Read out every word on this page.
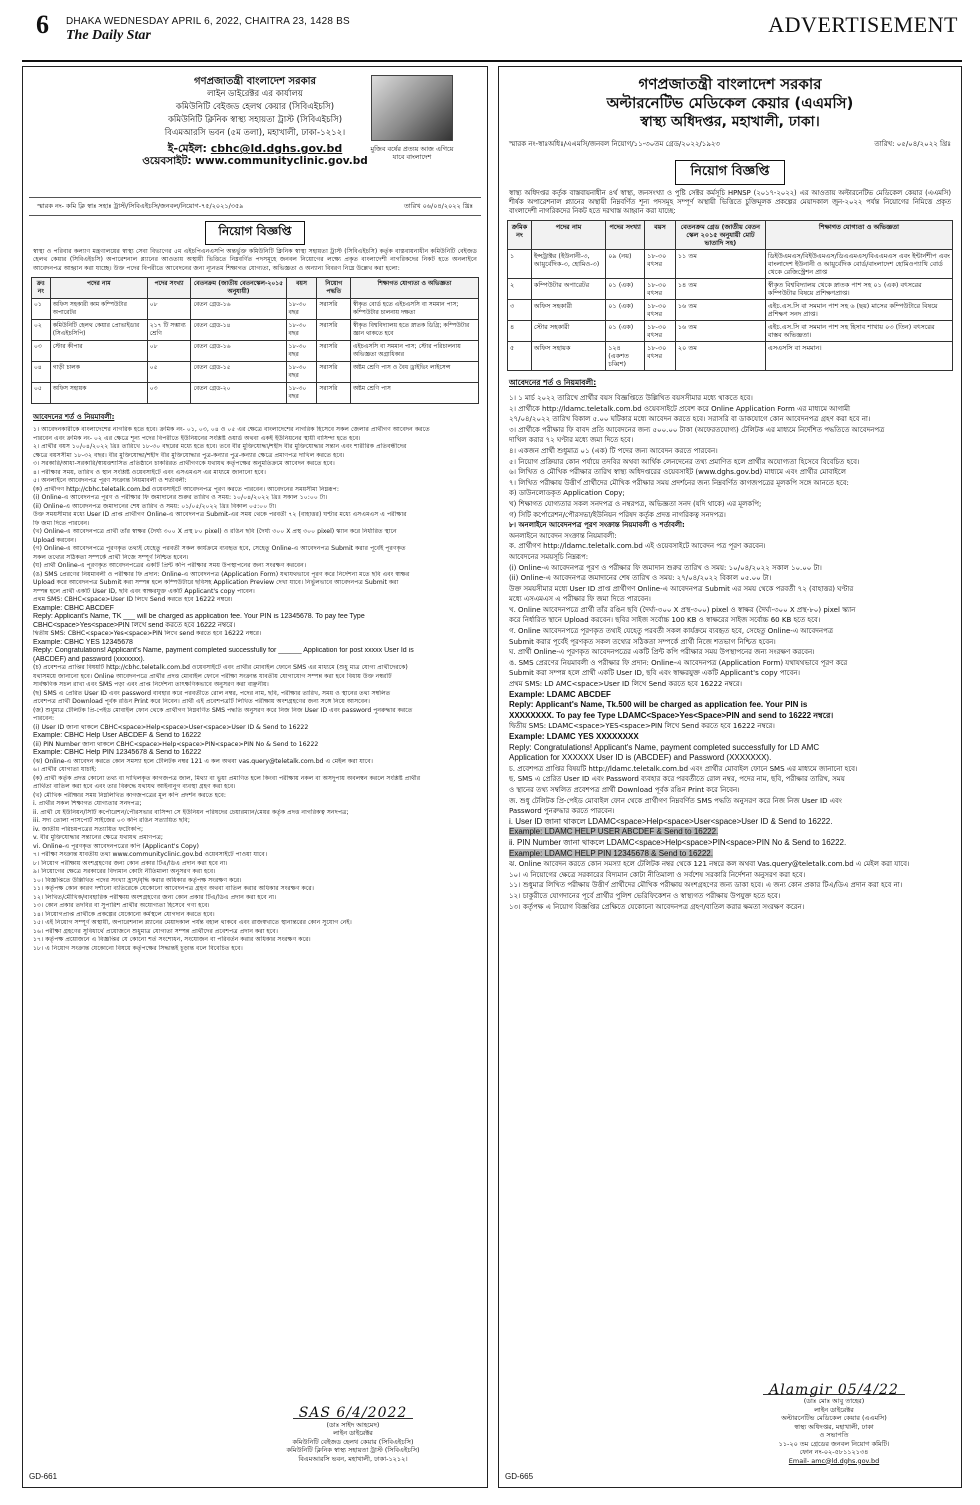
6 DHAKA WEDNESDAY APRIL 6, 2022, CHAITRA 23, 1428 BS
The Daily Star	ADVERTISEMENT
গণপ্রজাতন্ত্রী বাংলাদেশ সরকার
লাইন ডাইরেক্টর এর কার্যালয়
কমিউনিটি বেইজড হেলথ কেয়ার (সিবিএইচসি)
কমিউনিটি ক্লিনিক স্বাস্থ্য সহায়তা ট্রাস্ট (সিবিএইচসি)
বিএমআরসি ভবন (৫ম তলা), মহাখালী, ঢাকা-১২১২।
ই-মেইল: cbhc@ld.dghs.gov.bd
ওয়েবসাইট: www.communityclinic.gov.bd
মুজিব বর্ষের প্রত্যয় আজ এগিয়ে যাবে বাংলাদেশ
স্মারক নং- কমি ক্লি স্বাঃ সহাঃ ট্রাস্ট/সিবিএইচসি/জনবল/নিয়োগ-৭৫/২০২১/৩৫৯	তারিখ ০৬/০৪/২০২২ খ্রিঃ
নিয়োগ বিজ্ঞপ্তি
স্বাস্থ্য ও পরিবার কল্যাণ মন্ত্রণালয়ের স্বাস্থ্য সেবা বিভাগের ৫ম এইচপিএনএসপি অন্তর্ভুক্ত কমিউনিটি ক্লিনিক স্বাস্থ্য সহায়তা ট্রাস্ট (সিবিএইচসি) কর্তৃক বাস্তবায়নাধীন কমিউনিটি বেইজড হেলথ কেয়ার (সিবিএইচসি) অপারেশনাল প্ল্যানের আওতায় অস্থায়ী ভিত্তিতে নিম্নবর্ণিত পদসমূহে জনবল নিয়োগের লক্ষ্যে প্রকৃত বাংলাদেশী নাগরিকদের নিকট হতে অনলাইনে আবেদনপত্র আহ্বান করা যাচ্ছে। উক্ত পদের বিপরীতে আবেদনের জন্য ন্যূনতম শিক্ষাগত যোগ্যতা, অভিজ্ঞতা ও অন্যান্য বিবরণ নিম্নে উল্লেখ করা হলো:
ক্রঃ নং	পদের নাম	পদের সংখ্যা	বেতনক্রম (জাতীয় বেতনস্কেল-২০১৫ অনুযায়ী)	বয়স	নিয়োগ পদ্ধতি	শিক্ষাগত যোগ্যতা ও অভিজ্ঞতা
০১	অফিস সহকারী কাম কম্পিউটার অপারেটর	০৮	বেতন গ্রেড-১৬	১৮-৩০ বছর	সরাসরি	স্বীকৃত বোর্ড হতে এইচএসসি বা সমমান পাস; কম্পিউটার চালনায় দক্ষতা
০২	কমিউনিটি হেলথ কেয়ার প্রোভাইডার (সিএইচসিপি)	২১৭ টি সম্ভাব্য শ্রেণি	বেতন গ্রেড-১৪	১৮-৩০ বছর	সরাসরি	স্বীকৃত বিশ্ববিদ্যালয় হতে স্নাতক ডিগ্রি; কম্পিউটার জ্ঞান থাকতে হবে
০৩	স্টোর কীপার	০৮	বেতন গ্রেড-১৬	১৮-৩০ বছর	সরাসরি	এইচএসসি বা সমমান পাস; স্টোর পরিচালনায় অভিজ্ঞতা অগ্রাধিকার
০৪	গাড়ী চালক	০৫	বেতন গ্রেড-১৫	১৮-৩০ বছর	সরাসরি	অষ্টম শ্রেণি পাস ও বৈধ ড্রাইভিং লাইসেন্স
০৫	অফিস সহায়ক	০৩	বেতন গ্রেড-২০	১৮-৩০ বছর	সরাসরি	অষ্টম শ্রেণি পাস
আবেদনের শর্ত ও নিয়মাবলী:
১। আবেদনকারীকে বাংলাদেশের নাগরিক হতে হবে। ক্রমিক নং- ০১, ০৩, ০৪ ও ০৫ এর ক্ষেত্রে বাংলাদেশের নাগরিক হিসেবে সকল জেলার প্রার্থীগণ আবেদন করতে
পারবেন এবং ক্রমিক নং- ০২ এর ক্ষেত্রে শূন্য পদের বিপরীতে ইউনিয়নের সংশ্লিষ্ট ওয়ার্ড অথবা একই ইউনিয়নের স্থায়ী বাসিন্দা হতে হবে।
২। প্রার্থীর বয়স ১০/০৪/২০২২ খ্রিঃ তারিখে ১৮-৩০ বছরের মধ্যে হতে হবে। তবে বীর মুক্তিযোদ্ধা/শহীদ বীর মুক্তিযোদ্ধার সন্তান এবং শারীরিক প্রতিবন্ধীদের
ক্ষেত্রে বয়সসীমা ১৮-৩২ বছর। বীর মুক্তিযোদ্ধা/শহীদ বীর মুক্তিযোদ্ধার পুত্র-কন্যার পুত্র-কন্যার ক্ষেত্রে প্রমাণপত্র দাখিল করতে হবে।
৩। সরকারি/আধা-সরকারি/স্বায়ত্তশাসিত প্রতিষ্ঠানে চাকরিরত প্রার্থীগণকে যথাযথ কর্তৃপক্ষের অনুমতিক্রমে আবেদন করতে হবে।
৪। পরীক্ষার সময়, তারিখ ও স্থান সংশ্লিষ্ট ওয়েবসাইটে এবং এসএমএস এর মাধ্যমে জানানো হবে।
৫। অনলাইনে আবেদনপত্র পূরণ সংক্রান্ত নিয়মাবলী ও শর্তাবলী:
(ক) প্রার্থীগণ http://cbhc.teletalk.com.bd ওয়েবসাইটে আবেদনপত্র পূরণ করতে পারবেন। আবেদনের সময়সীমা নিম্নরূপ:
(i) Online-এ আবেদনপত্র পূরণ ও পরীক্ষার ফি জমাদানের শুরুর তারিখ ও সময়: ১০/০৪/২০২২ খ্রিঃ সকাল ১০:০০ টা।
(ii) Online-এ আবেদনপত্র জমাদানের শেষ তারিখ ও সময়: ০১/০৫/২০২২ খ্রিঃ বিকাল ০৫:০০ টা।
উক্ত সময়সীমার মধ্যে User ID প্রাপ্ত প্রার্থীগণ Online-এ আবেদনপত্র Submit-এর সময় থেকে পরবর্তী ৭২ (বাহাত্তর) ঘণ্টার মধ্যে এসএমএস এ পরীক্ষার
ফি জমা দিতে পারবেন।
(খ) Online-এ আবেদনপত্রে প্রার্থী তাঁর স্বাক্ষর (দৈর্ঘ্য ৩০০ X প্রস্থ ৮০ pixel) ও রঙিন ছবি (দৈর্ঘ্য ৩০০ X প্রস্থ ৩০০ pixel) স্ক্যান করে নির্ধারিত স্থানে
Upload করবেন।
(গ) Online-এ আবেদনপত্রে পূরণকৃত তথ্যই যেহেতু পরবর্তী সকল কার্যক্রমে ব্যবহৃত হবে, সেহেতু Online-এ আবেদনপত্র Submit করার পূর্বেই পূরণকৃত
সকল তথ্যের সঠিকতা সম্পর্কে প্রার্থী নিজে সম্পূর্ণ নিশ্চিত হবেন।
(ঘ) প্রার্থী Online-এ পূরণকৃত আবেদনপত্রের একটি প্রিন্ট কপি পরীক্ষার সময় উপস্থাপনের জন্য সংরক্ষণ করবেন।
(ঙ) SMS প্রেরণের নিয়মাবলী ও পরীক্ষার ফি প্রদান: Online-এ আবেদনপত্র (Application Form) যথাযথভাবে পূরণ করে নির্দেশনা মতে ছবি এবং স্বাক্ষর
Upload করে আবেদনপত্র Submit করা সম্পন্ন হলে কম্পিউটারে ছবিসহ Application Preview দেখা যাবে। নির্ভুলভাবে আবেদনপত্র Submit করা
সম্পন্ন হলে প্রার্থী একটি User ID, ছবি এবং স্বাক্ষরযুক্ত একটি Applicant's copy পাবেন।
প্রথম SMS: CBHC<space>User ID লিখে Send করতে হবে 16222 নম্বরে।
Example: CBHC ABCDEF
Reply: Applicant's Name, TK ___ will be charged as application fee. Your PIN is 12345678. To pay fee Type
CBHC<space>Yes<space>PIN লিখে send করতে হবে 16222 নম্বরে।
দ্বিতীয় SMS: CBHC<space>Yes<space>PIN লিখে send করতে হবে 16222 নম্বরে।
Example: CBHC YES 12345678
Reply: Congratulations! Applicant's Name, payment completed successfully for ______ Application for post xxxxx User Id is
(ABCDEF) and password (xxxxxxx).
(চ) প্রবেশপত্র প্রাপ্তির বিষয়টি http://cbhc.teletalk.com.bd ওয়েবসাইটে এবং প্রার্থীর মোবাইল ফোনে SMS এর মাধ্যমে (শুধু মাত্র যোগ্য প্রার্থীদেরকে)
যথাসময়ে জানানো হবে। Online আবেদনপত্রে প্রার্থীর প্রদত্ত মোবাইল ফোনে পরীক্ষা সংক্রান্ত যাবতীয় যোগাযোগ সম্পন্ন করা হবে বিধায় উক্ত নম্বরটি
সার্বক্ষণিক সচল রাখা এবং SMS পড়া এবং প্রাপ্ত নির্দেশনা তাৎক্ষণিকভাবে অনুসরণ করা বাঞ্ছনীয়।
(ছ) SMS এ প্রেরিত User ID এবং password ব্যবহার করে পরবর্তীতে রোল নম্বর, পদের নাম, ছবি, পরীক্ষার তারিখ, সময় ও স্থানের তথ্য সম্বলিত
প্রবেশপত্র প্রার্থী Download পূর্বক রঙিন Print করে নিবেন। প্রার্থী এই প্রবেশপত্রটি লিখিত পরীক্ষায় অংশগ্রহণের জন্য সঙ্গে নিয়ে আসবেন।
(জ) শুধুমাত্র টেলিটক প্রি-পেইড মোবাইল ফোন থেকে প্রার্থীগণ নিম্নবর্ণিত SMS পদ্ধতি অনুসরণ করে নিজ নিজ User ID এবং password পুনরুদ্ধার করতে
পারবেন:
(i) User ID জানা থাকলে CBHC<space>Help<space>User<space>User ID & Send to 16222
Example: CBHC Help User ABCDEF & Send to 16222
(ii) PIN Number জানা থাকলে CBHC<space>Help<space>PIN<space>PIN No & Send to 16222
Example: CBHC Help PIN 12345678 & Send to 16222
(ঝ) Online-এ আবেদন করতে কোন সমস্যা হলে টেলিটক নম্বর 121 এ কল অথবা vas.query@teletalk.com.bd এ মেইল করা যাবে।
৬। প্রার্থীর যোগ্যতা যাচাই:
(ক) প্রার্থী কর্তৃক প্রদত্ত কোনো তথ্য বা দাখিলকৃত কাগজপত্র জাল, মিথ্যা বা ভুয়া প্রমাণিত হলে কিংবা পরীক্ষায় নকল বা অসদুপায় অবলম্বন করলে সংশ্লিষ্ট প্রার্থীর
প্রার্থিতা বাতিল করা হবে এবং তার বিরুদ্ধে যথাযথ আইনানুগ ব্যবস্থা গ্রহণ করা হবে।
(খ) মৌখিক পরীক্ষার সময় নিম্নলিখিত কাগজপত্রের মূল কপি প্রদর্শন করতে হবে:
i. প্রার্থীর সকল শিক্ষাগত যোগ্যতার সনদপত্র;
ii. প্রার্থী যে ইউনিয়ন/সিটি কর্পোরেশন/পৌরসভার বাসিন্দা সে ইউনিয়ন পরিষদের চেয়ারম্যান/মেয়র কর্তৃক প্রদত্ত নাগরিকত্ব সনদপত্র;
iii. সদ্য তোলা পাসপোর্ট সাইজের ০৩ কপি রঙিন সত্যায়িত ছবি;
iv. জাতীয় পরিচয়পত্রের সত্যায়িত ফটোকপি;
v. বীর মুক্তিযোদ্ধার সন্তানের ক্ষেত্রে যথাযথ প্রমাণপত্র;
vi. Online-এ পূরণকৃত আবেদনপত্রের কপি (Applicant's Copy)
৭। পরীক্ষা সংক্রান্ত যাবতীয় তথ্য www.communityclinic.gov.bd ওয়েবসাইটে পাওয়া যাবে।
৮। নিয়োগ পরীক্ষায় অংশগ্রহণের জন্য কোন প্রকার টিএ/ডিএ প্রদান করা হবে না।
৯। নিয়োগের ক্ষেত্রে সরকারের বিদ্যমান কোটা নীতিমালা অনুসরণ করা হবে।
১০। বিজ্ঞপ্তিতে উল্লিখিত পদের সংখ্যা হ্রাস/বৃদ্ধি করার অধিকার কর্তৃপক্ষ সংরক্ষণ করে।
১১। কর্তৃপক্ষ কোন কারণ দর্শানো ব্যতিরেকে যেকোনো আবেদনপত্র গ্রহণ অথবা বাতিল করার অধিকার সংরক্ষণ করে।
১২। লিখিত/মৌখিক/ব্যবহারিক পরীক্ষায় অংশগ্রহণের জন্য কোন প্রকার টিএ/ডিএ প্রদান করা হবে না।
১৩। কোন প্রকার তদবির বা সুপারিশ প্রার্থীর অযোগ্যতা হিসেবে গণ্য হবে।
১৪। নিয়োগপ্রাপ্ত প্রার্থীকে প্রকল্পের যেকোনো কর্মস্থলে যোগদান করতে হবে।
১৫। এই নিয়োগ সম্পূর্ণ অস্থায়ী, অপারেশনাল প্ল্যানের মেয়াদকাল পর্যন্ত বহাল থাকবে এবং রাজস্বখাতে স্থানান্তরের কোন সুযোগ নেই।
১৬। পরীক্ষা গ্রহণের সুবিধার্থে প্রয়োজনে শুধুমাত্র যোগ্যতা সম্পন্ন প্রার্থীদের প্রবেশপত্র প্রদান করা হবে।
১৭। কর্তৃপক্ষ প্রয়োজনে এ বিজ্ঞপ্তির যে কোনো শর্ত সংশোধন, সংযোজন বা পরিবর্তন করার অধিকার সংরক্ষণ করে।
১৮। এ নিয়োগ সংক্রান্ত যেকোনো বিষয়ে কর্তৃপক্ষের সিদ্ধান্তই চূড়ান্ত বলে বিবেচিত হবে।
SAS 6/4/2022
(ডাঃ সাইদ আহমেদ)
লাইন ডাইরেক্টর
কমিউনিটি বেইজড হেলথ কেয়ার (সিবিএইচসি)
কমিউনিটি ক্লিনিক স্বাস্থ্য সহায়তা ট্রাস্ট (সিবিএইচসি)
বিএমআরসি ভবন, মহাখালী, ঢাকা-১২১২।
GD-661
গণপ্রজাতন্ত্রী বাংলাদেশ সরকার
অল্টারনেটিভ মেডিকেল কেয়ার (এএমসি)
স্বাস্থ্য অধিদপ্তর, মহাখালী, ঢাকা।
স্মারক নং-স্বাঃঅধিঃ/এএমসি/জনবল নিয়োগ/১১-৩০তম গ্রেড/২০২২/১৯২৩	তারিখ: ০৫/০৪/২০২২ খ্রিঃ
নিয়োগ বিজ্ঞপ্তি
স্বাস্থ্য অধিদপ্তর কর্তৃক বাস্তবায়নাধীন ৪র্থ স্বাস্থ্য, জনসংখ্যা ও পুষ্টি সেক্টর কর্মসূচি HPNSP (২০১৭-২০২২) এর আওতায় অল্টারনেটিভ মেডিকেল কেয়ার (এএমসি) শীর্ষক অপারেশনাল প্ল্যানের অস্থায়ী নিম্নবর্ণিত শূন্য পদসমূহ সম্পূর্ণ অস্থায়ী ভিত্তিতে চুক্তিমূলক প্রকল্পের মেয়াদকাল জুন-২০২২ পর্যন্ত নিয়োগের নিমিত্তে প্রকৃত বাংলাদেশী নাগরিকদের নিকট হতে দরখাস্ত আহ্বান করা যাচ্ছে:
ক্রমিক নং	পদের নাম	পদের সংখ্যা	বয়স	বেতনক্রম গ্রেড (জাতীয় বেতন স্কেল ২০১৫ অনুযায়ী মোট ভাতাদি সহ)	শিক্ষাগত যোগ্যতা ও অভিজ্ঞতা
১	ইন্সট্রাক্টর (ইউনানী-৩, আয়ুর্বেদিক-৩, হোমিও-৩)	০৯ (নয়)	১৮-৩০ বৎসর	১১ তম	ডিইউএমএস/বিইউএমএস/ডিএএমএস/বিএএমএস এবং ইন্টার্নশীপ এবং বাংলাদেশ ইউনানী ও আয়ুর্বেদিক বোর্ড/বাংলাদেশ হোমিওপ্যাথি বোর্ড থেকে রেজিস্ট্রেশন প্রাপ্ত
২	কম্পিউটার অপারেটর	০১ (এক)	১৮-৩০ বৎসর	১৪ তম	স্বীকৃত বিশ্ববিদ্যালয় থেকে স্নাতক পাশ সহ ০১ (এক) বৎসরের কম্পিউটার বিষয়ে প্রশিক্ষণপ্রাপ্ত।
৩	অফিস সহকারী	০১ (এক)	১৮-৩০ বৎসর	১৬ তম	এইচ.এস.সি বা সমমান পাশ সহ ৬ (ছয়) মাসের কম্পিউটারে বিষয়ে প্রশিক্ষণ সনদ প্রাপ্ত।
৪	স্টোর সহকারী	০১ (এক)	১৮-৩০ বৎসর	১৬ তম	এইচ.এস.সি বা সমমান পাশ সহ হিসাব শাখায় ০৩ (তিন) বৎসরের বাস্তব অভিজ্ঞতা।
৫	অফিস সহায়ক	১২৪ (একশত চব্বিশ)	১৮-৩০ বৎসর	২০ তম	এসএসসি বা সমমান।
আবেদনের শর্ত ও নিয়মাবলী:
১। ১ মার্চ ২০২২ তারিখে প্রার্থীর বয়স বিজ্ঞপ্তিতে উল্লিখিত বয়সসীমার মধ্যে থাকতে হবে।
২। প্রার্থীকে http://ldamc.teletalk.com.bd ওয়েবসাইটে প্রবেশ করে Online Application Form এর মাধ্যমে আগামী
২৭/০৪/২০২২ তারিখ বিকাল ৫.০০ ঘটিকার মধ্যে আবেদন করতে হবে। সরাসরি বা ডাকযোগে কোন আবেদনপত্র গ্রহণ করা হবে না।
৩। প্রার্থীকে পরীক্ষার ফি বাবদ প্রতি আবেদনের জন্য ৫০০.০০ টাকা (অফেরতযোগ্য) টেলিটক এর মাধ্যমে নির্দেশিত পদ্ধতিতে আবেদনপত্র
দাখিল করার ৭২ ঘণ্টার মধ্যে জমা দিতে হবে।
৪। একজন প্রার্থী শুধুমাত্র ০১ (এক) টি পদের জন্য আবেদন করতে পারবেন।
৫। নিয়োগ প্রক্রিয়ার কোন পর্যায়ে তদবির অথবা আর্থিক লেনদেনের তথ্য প্রমাণিত হলে প্রার্থীর অযোগ্যতা হিসেবে বিবেচিত হবে।
৬। লিখিত ও মৌখিক পরীক্ষার তারিখ স্বাস্থ্য অধিদপ্তরের ওয়েবসাইট (www.dghs.gov.bd) মাধ্যমে এবং প্রার্থীর মোবাইলে
৭। লিখিত পরীক্ষায় উত্তীর্ণ প্রার্থীদের মৌখিক পরীক্ষার সময় প্রদর্শনের জন্য নিম্নবর্ণিত কাগজপত্রের মূলকপি সঙ্গে আনতে হবে:
ক) ডাউনলোডকৃত Application Copy;
খ) শিক্ষাগত যোগ্যতার সকল সনদপত্র ও নম্বরপত্র, অভিজ্ঞতা সনদ (যদি থাকে) এর মূলকপি;
গ) সিটি কর্পোরেশন/পৌরসভা/ইউনিয়ন পরিষদ কর্তৃক প্রদত্ত নাগরিকত্ব সনদপত্র।
৮। অনলাইনে আবেদনপত্র পূরণ সংক্রান্ত নিয়মাবলী ও শর্তাবলী:
অনলাইনে আবেদন সংক্রান্ত নিয়মাবলী:
ক. প্রার্থীগণ http://ldamc.teletalk.com.bd এই ওয়েবসাইটে আবেদন পত্র পূরণ করবেন।
আবেদনের সময়সূচি নিম্নরূপ:
(i) Online-এ আবেদনপত্র পূরণ ও পরীক্ষার ফি জমাদান শুরুর তারিখ ও সময়: ১০/০৪/২০২২ সকাল ১০.০০ টা।
(ii) Online-এ আবেদনপত্র জমাদানের শেষ তারিখ ও সময়: ২৭/০৪/২০২২ বিকাল ০৫.০০ টা।
উক্ত সময়সীমার মধ্যে User ID প্রাপ্ত প্রার্থীগণ Online-এ আবেদনপত্র Submit এর সময় থেকে পরবর্তী ৭২ (বাহাত্তর) ঘণ্টার
মধ্যে এসএমএস এ পরীক্ষার ফি জমা দিতে পারবেন।
খ. Online আবেদনপত্রে প্রার্থী তাঁর রঙিন ছবি (দৈর্ঘ্য-৩০০ X প্রস্থ-৩০০) pixel ও স্বাক্ষর (দৈর্ঘ্য-৩০০ X প্রস্থ-৮০) pixel স্ক্যান
করে নির্ধারিত স্থানে Upload করবেন। ছবির সাইজ সর্বোচ্চ 100 KB ও স্বাক্ষরের সাইজ সর্বোচ্চ 60 KB হতে হবে।
গ. Online আবেদনপত্রে পূরণকৃত তথ্যই যেহেতু পরবর্তী সকল কার্যক্রমে ব্যবহৃত হবে, সেহেতু Online-এ আবেদনপত্র
Submit করার পূর্বেই পূরণকৃত সকল তথ্যের সঠিকতা সম্পর্কে প্রার্থী নিজে শতভাগ নিশ্চিত হবেন।
ঘ. প্রার্থী Online-এ পূরণকৃত আবেদনপত্রের একটি প্রিন্ট কপি পরীক্ষার সময় উপস্থাপনের জন্য সংরক্ষণ করবেন।
ঙ. SMS প্রেরণের নিয়মাবলী ও পরীক্ষার ফি প্রদান: Online-এ আবেদনপত্র (Application Form) যথাযথভাবে পূরণ করে
Submit করা সম্পন্ন হলে প্রার্থী একটি User ID, ছবি এবং স্বাক্ষরযুক্ত একটি Applicant's copy পাবেন।
প্রথম SMS: LD AMC<space>User ID লিখে Send করতে হবে 16222 নম্বরে।
Example: LDAMC ABCDEF
Reply: Applicant's Name, Tk.500 will be charged as application fee. Your PIN is
XXXXXXXX. To pay fee Type LDAMC<Space>Yes<Space>PIN and send to 16222 নম্বরে।
দ্বিতীয় SMS: LDAMC<space>YES<space>PIN লিখে Send করতে হবে 16222 নম্বরে।
Example: LDAMC YES XXXXXXXX
Reply: Congratulations! Applicant's Name, payment completed successfully for LD AMC
Application for XXXXXX User ID is (ABCDEF) and Password (XXXXXXX).
চ. প্রবেশপত্র প্রাপ্তির বিষয়টি http://ldamc.teletalk.com.bd এবং প্রার্থীর মোবাইল ফোনে SMS এর মাধ্যমে জানানো হবে।
ছ. SMS এ প্রেরিত User ID এবং Password ব্যবহার করে পরবর্তীতে রোল নম্বর, পদের নাম, ছবি, পরীক্ষার তারিখ, সময়
ও স্থানের তথ্য সম্বলিত প্রবেশপত্র প্রার্থী Download পূর্বক রঙিন Print করে নিবেন।
জ. শুধু টেলিটক প্রি-পেইড মোবাইল ফোন থেকে প্রার্থীগণ নিম্নবর্ণিত SMS পদ্ধতি অনুসরণ করে নিজ নিজ User ID এবং
Password পুনরুদ্ধার করতে পারবেন।
i. User ID জানা থাকলে LDAMC<space>Help<space>User<space>User ID & Send to 16222.
Example: LDAMC HELP USER ABCDEF & Send to 16222.
ii. PIN Number জানা থাকলে LDAMC<space>Help<space>PIN<space>PIN No & Send to 16222.
Example: LDAMC HELP PIN 12345678 & Send to 16222.
ঝ. Online আবেদন করতে কোন সমস্যা হলে টেলিটক নম্বর থেকে 121 নম্বরে কল অথবা Vas.query@teletalk.com.bd এ মেইল করা যাবে।
১০। এ নিয়োগের ক্ষেত্রে সরকারের বিদ্যমান কোটা নীতিমালা ও সর্বশেষ সরকারি নির্দেশনা অনুসরণ করা হবে।
১১। শুধুমাত্র লিখিত পরীক্ষায় উত্তীর্ণ প্রার্থীদের মৌখিক পরীক্ষায় অংশগ্রহণের জন্য ডাকা হবে। এ জন্য কোন প্রকার টিএ/ডিএ প্রদান করা হবে না।
১২। চাকুরীতে যোগদানের পূর্বে প্রার্থীর পুলিশ ভেরিফিকেশন ও স্বাস্থ্যগত পরীক্ষায় উপযুক্ত হতে হবে।
১৩। কর্তৃপক্ষ এ নিয়োগ বিজ্ঞপ্তির প্রেক্ষিতে যেকোনো আবেদনপত্র গ্রহণ/বাতিল করার ক্ষমতা সংরক্ষণ করেন।
Alamgir 05/4/22
(ডাঃ মোঃ আবু তাহের)
লাইন ডাইরেক্টর
অল্টারনেটিভ মেডিকেল কেয়ার (এএমসি)
স্বাস্থ্য অধিদপ্তর, মহাখালী, ঢাকা
ও সভাপতি
১১-২০ তম গ্রেডের জনবল নিয়োগ কমিটি।
ফোন নং-০২-৫৮১১২১৩৪
Email- amc@ld.dghs.gov.bd
GD-665
